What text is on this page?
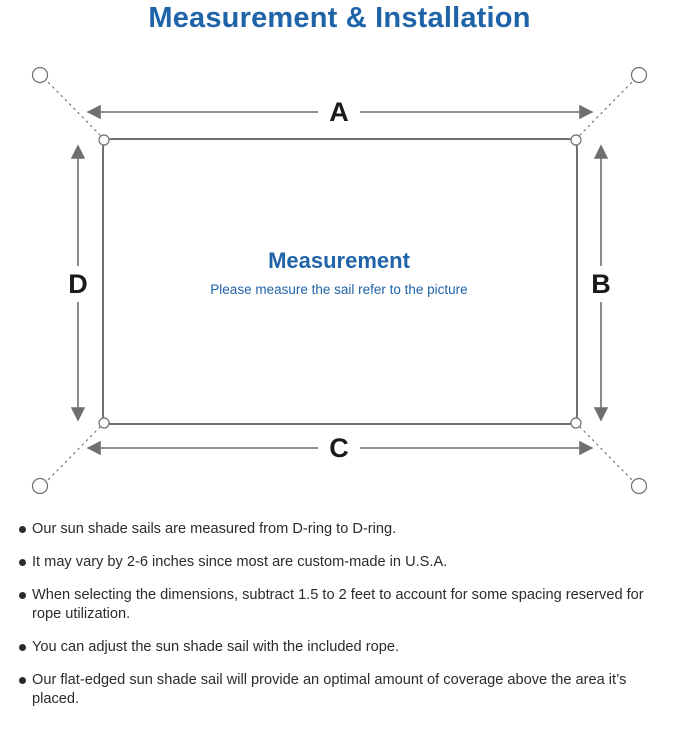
Measurement & Installation
A
C
D	B
Measurement
Please measure the sail refer to the picture
Our sun shade sails are measured from D-ring to D-ring.
It may vary by 2-6 inches since most are custom-made in U.S.A.
When selecting the dimensions, subtract 1.5 to 2 feet to account for some spacing reserved for rope utilization.
You can adjust the sun shade sail with the included rope.
Our flat-edged sun shade sail will provide an optimal amount of coverage above the area it’s placed.
